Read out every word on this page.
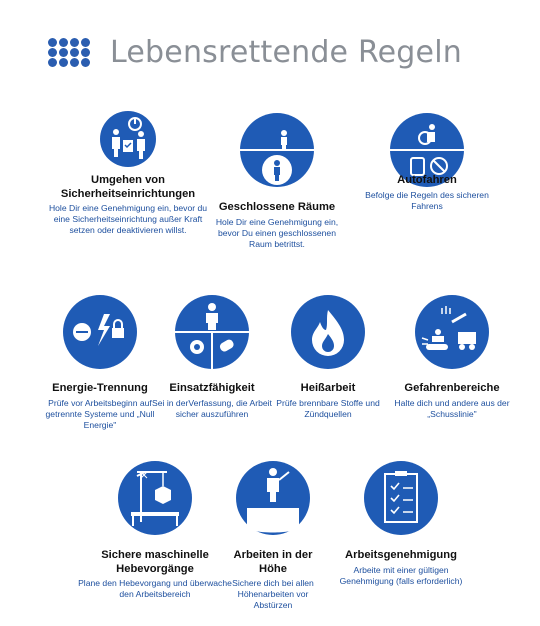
Lebensrettende Regeln
Umgehen von Sicherheitseinrichtungen
Hole Dir eine Genehmigung ein, bevor du eine Sicherheitseinrichtung außer Kraft setzen oder deaktivieren willst.
Geschlossene Räume
Hole Dir eine Genehmigung ein, bevor Du einen geschlossenen Raum betrittst.
Autofahren
Befolge die Regeln des sicheren Fahrens
Energie-Trennung
Prüfe vor Arbeitsbeginn auf getrennte Systeme und „Null Energie"
Einsatzfähigkeit
Sei in derVerfassung, die Arbeit sicher auszuführen
Heißarbeit
Prüfe brennbare Stoffe und Zündquellen
Gefahrenbereiche
Halte dich und andere aus der „Schusslinie"
Sichere maschinelle Hebevorgänge
Plane den Hebevorgang und überwache den Arbeitsbereich
Arbeiten in der Höhe
Sichere dich bei allen Höhenarbeiten vor Abstürzen
Arbeitsgenehmigung
Arbeite mit einer gültigen Genehmigung (falls erforderlich)
